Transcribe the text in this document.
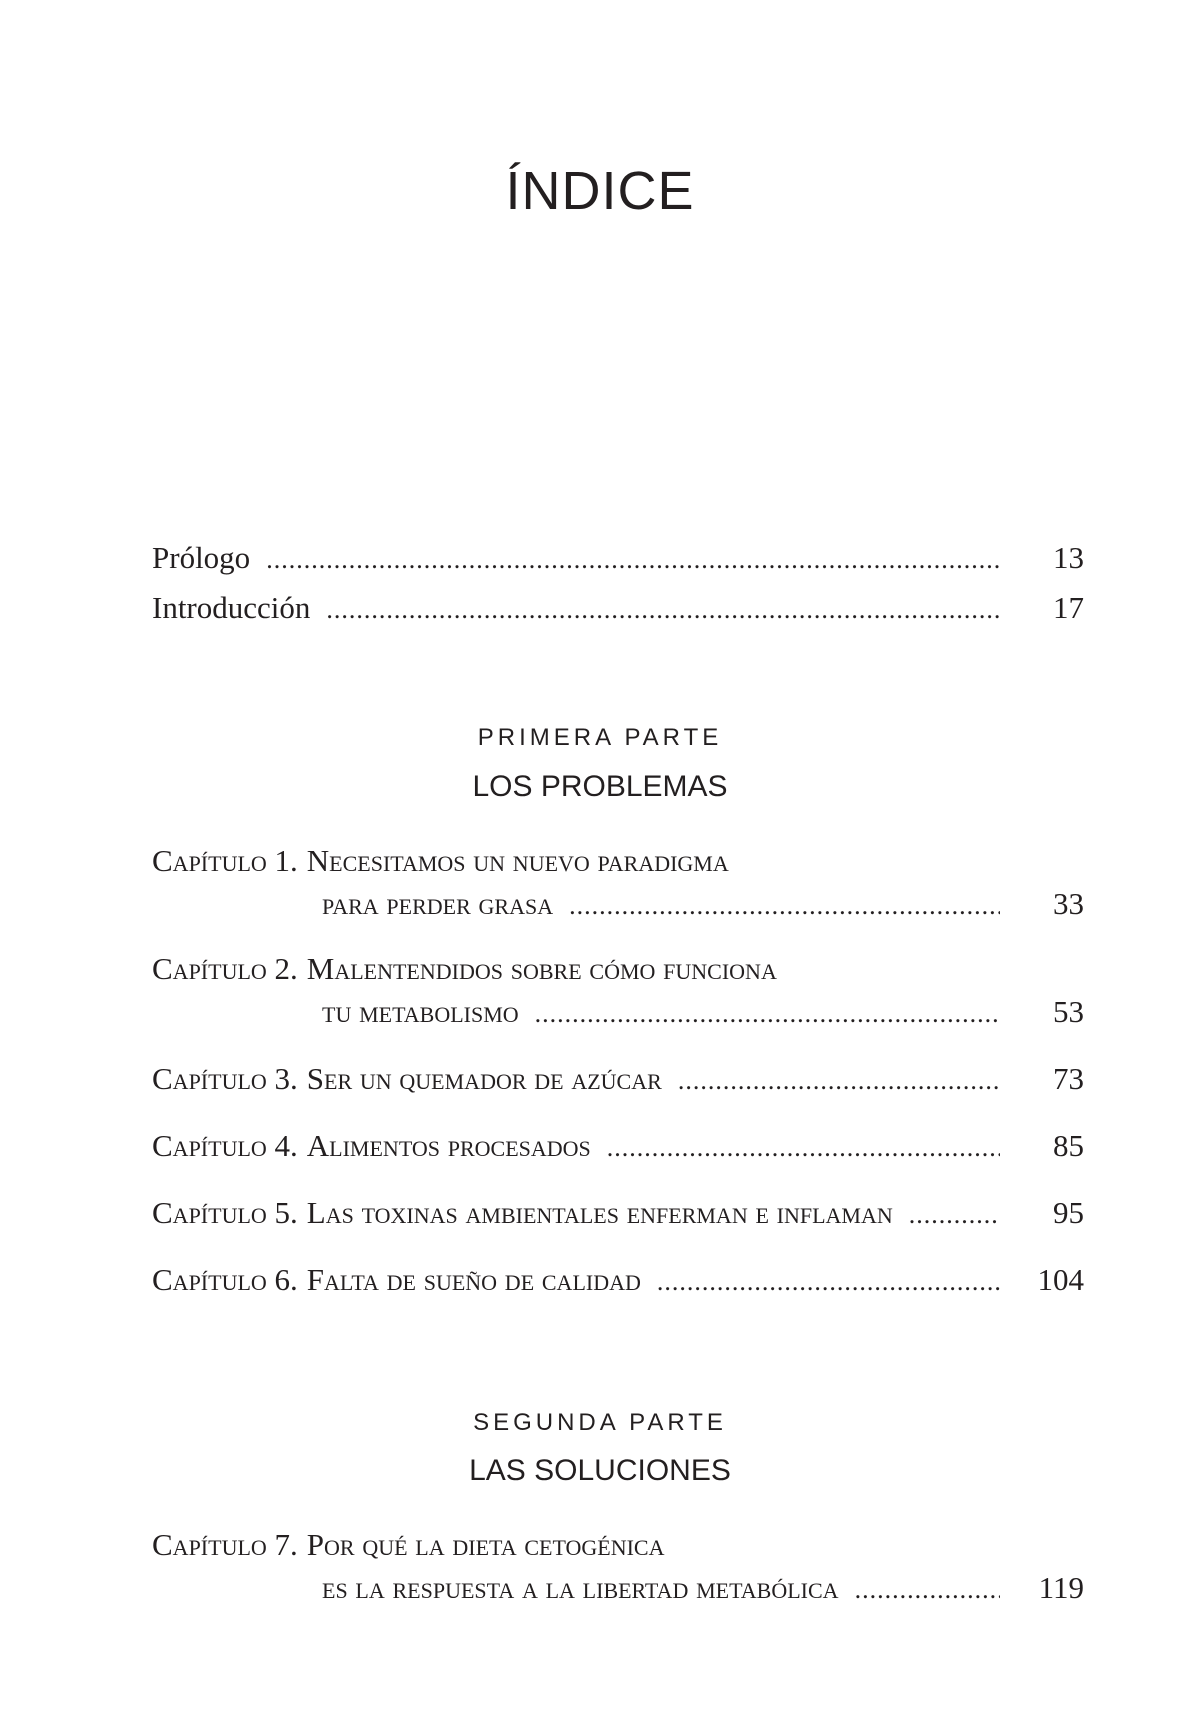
ÍNDICE
Prólogo .....	13
Introducción .....	17
PRIMERA PARTE
LOS PROBLEMAS
Capítulo 1. Necesitamos un nuevo paradigma
para perder grasa .....	33
Capítulo 2. Malentendidos sobre cómo funciona
tu metabolismo .....	53
Capítulo 3. Ser un quemador de azúcar .....	73
Capítulo 4. Alimentos procesados .....	85
Capítulo 5. Las toxinas ambientales enferman e inflaman .....	95
Capítulo 6. Falta de sueño de calidad .....	104
SEGUNDA PARTE
LAS SOLUCIONES
Capítulo 7. Por qué la dieta cetogénica
es la respuesta a la libertad metabólica .....	119
